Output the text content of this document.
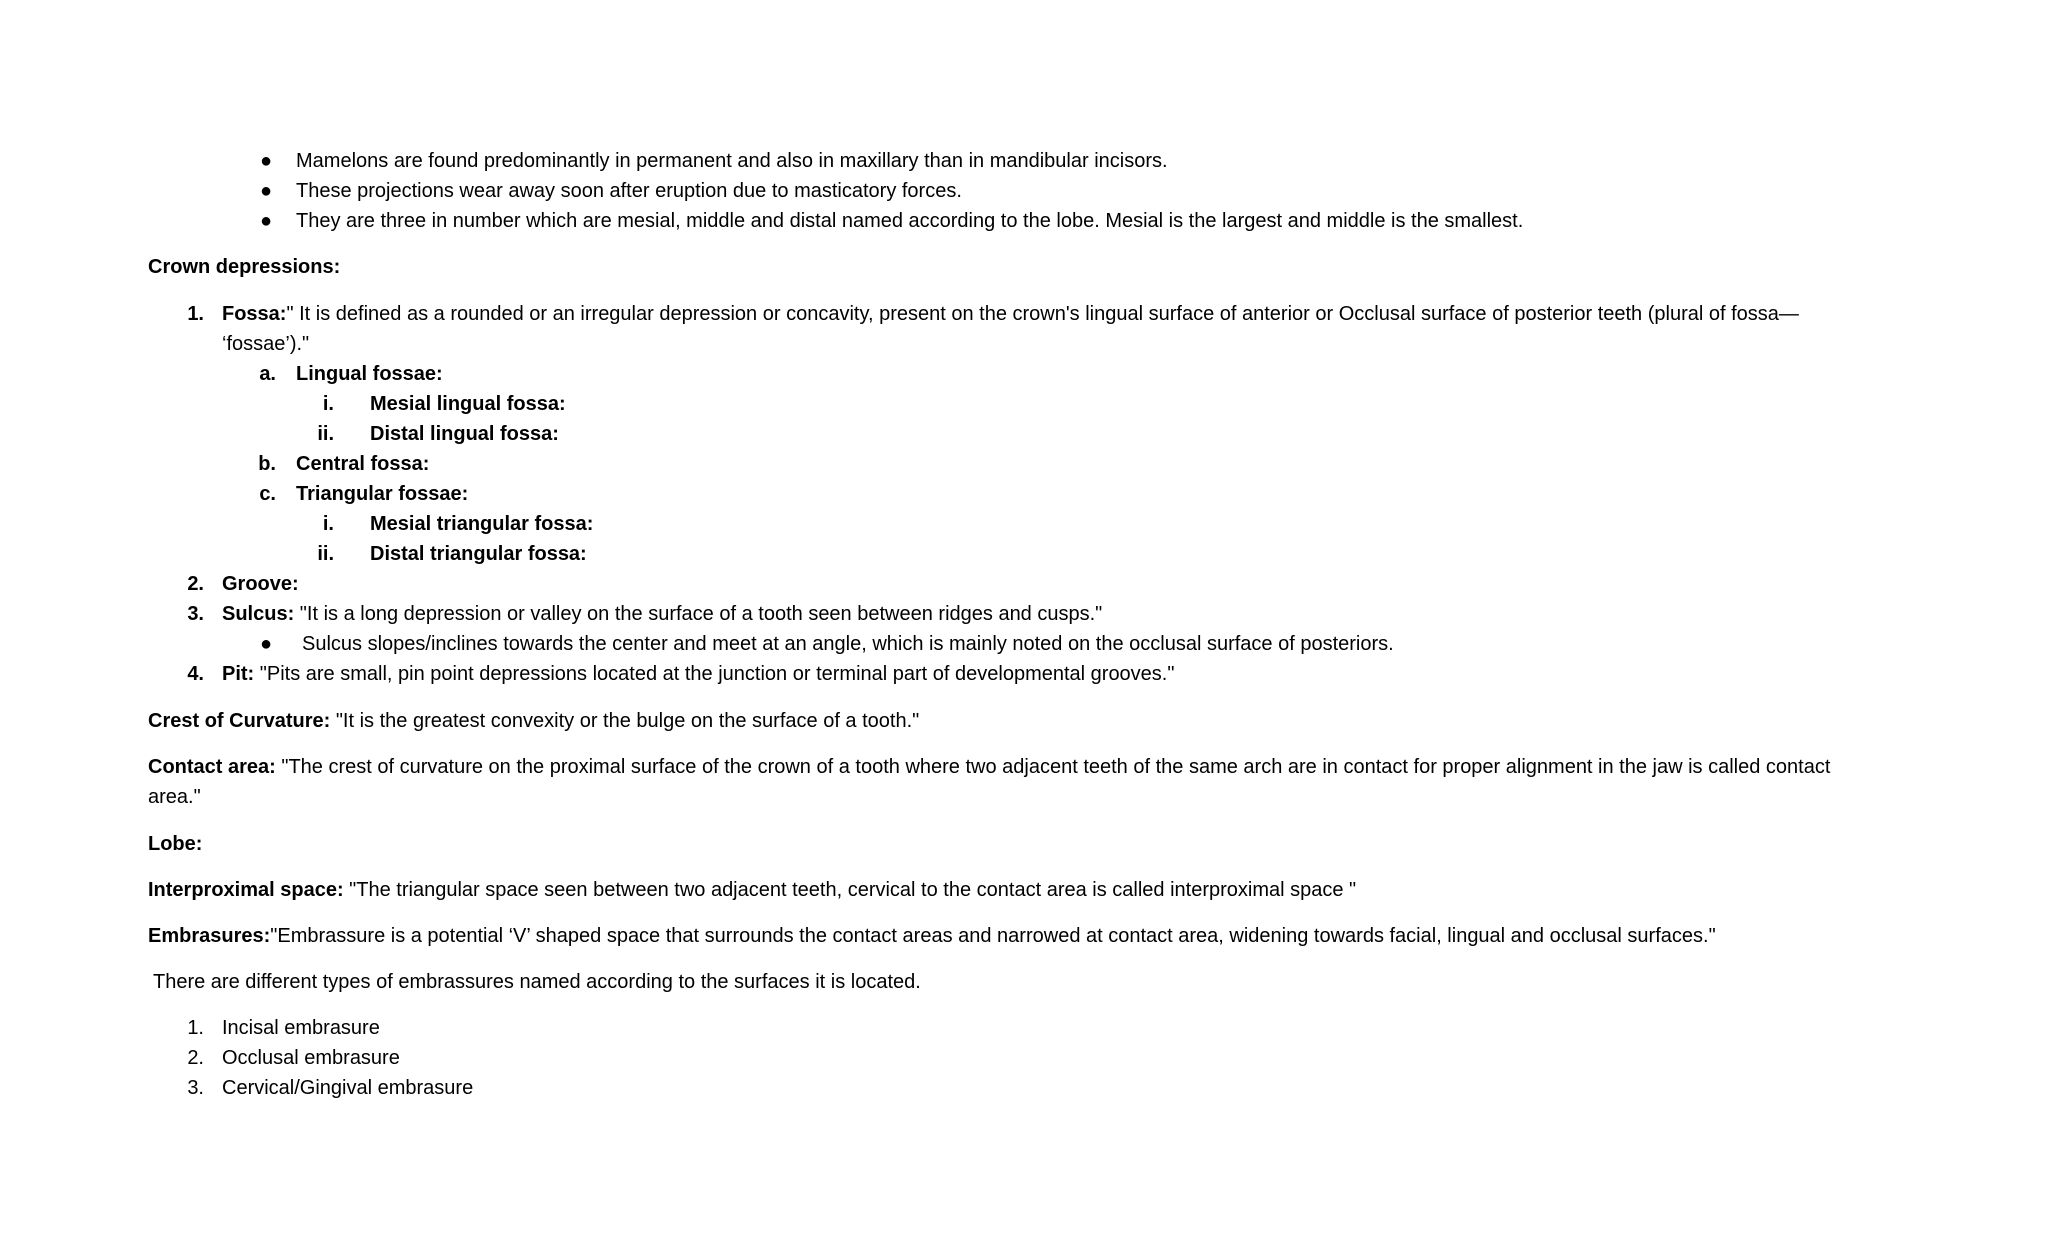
● Mamelons are found predominantly in permanent and also in maxillary than in mandibular incisors.
● These projections wear away soon after eruption due to masticatory forces.
● They are three in number which are mesial, middle and distal named according to the lobe. Mesial is the largest and middle is the smallest.
Crown depressions:
1. Fossa:" It is defined as a rounded or an irregular depression or concavity, present on the crown's lingual surface of anterior or Occlusal surface of posterior teeth (plural of fossa—
‘fossae’)."
a. Lingual fossae:
i. Mesial lingual fossa:
ii. Distal lingual fossa:
b. Central fossa:
c. Triangular fossae:
i. Mesial triangular fossa:
ii. Distal triangular fossa:
2. Groove:
3. Sulcus: "It is a long depression or valley on the surface of a tooth seen between ridges and cusps."
● Sulcus slopes/inclines towards the center and meet at an angle, which is mainly noted on the occlusal surface of posteriors.
4. Pit: "Pits are small, pin point depressions located at the junction or terminal part of developmental grooves."
Crest of Curvature: "It is the greatest convexity or the bulge on the surface of a tooth."
Contact area: "The crest of curvature on the proximal surface of the crown of a tooth where two adjacent teeth of the same arch are in contact for proper alignment in the jaw is called contact
area."
Lobe:
Interproximal space: "The triangular space seen between two adjacent teeth, cervical to the contact area is called interproximal space "
Embrasures:"Embrassure is a potential ‘V’ shaped space that surrounds the contact areas and narrowed at contact area, widening towards facial, lingual and occlusal surfaces."
There are different types of embrassures named according to the surfaces it is located.
1. Incisal embrasure
2. Occlusal embrasure
3. Cervical/Gingival embrasure
